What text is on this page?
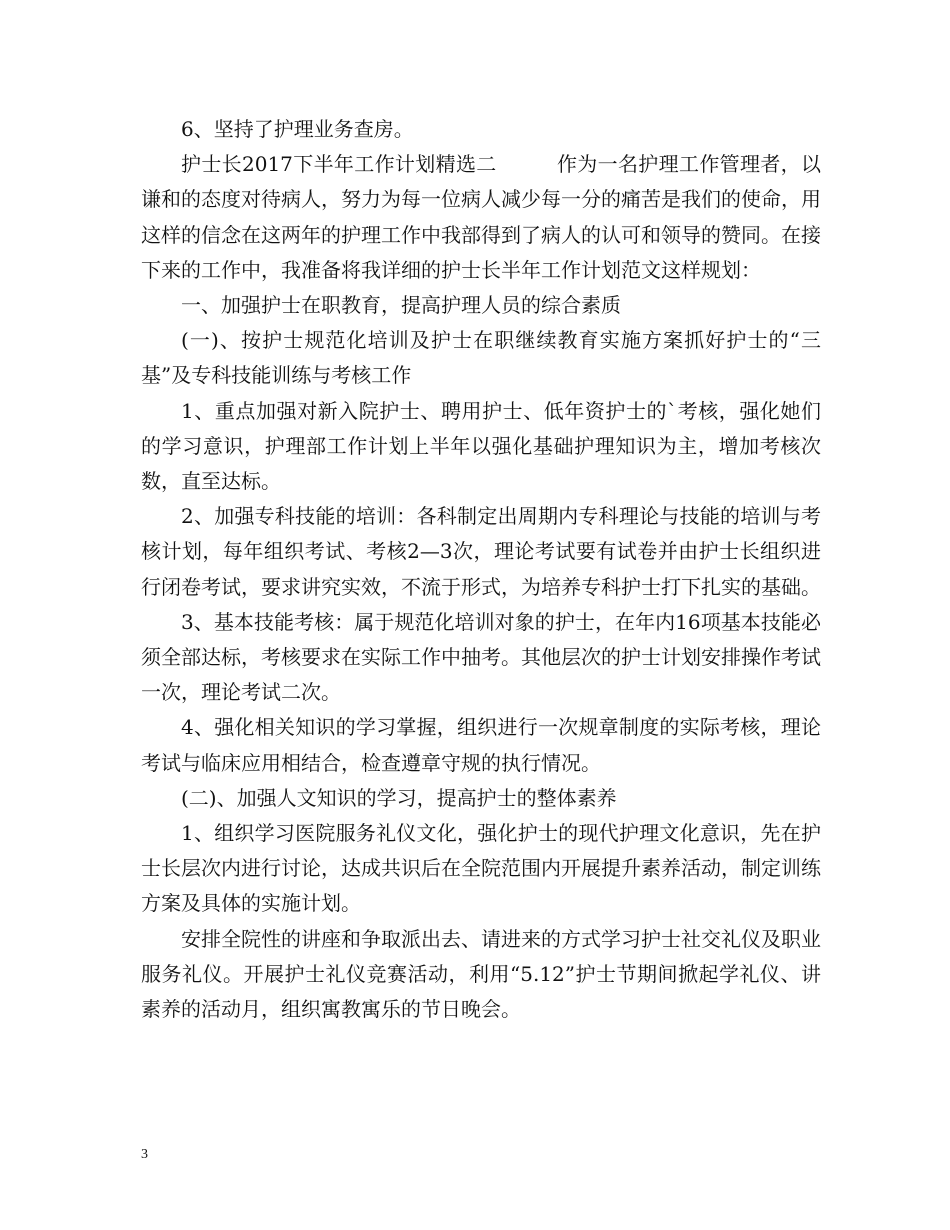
6、坚持了护理业务查房。

护士长2017下半年工作计划精选二	作为一名护理工作管理者，以谦和的态度对待病人，努力为每一位病人减少每一分的痛苦是我们的使命，用这样的信念在这两年的护理工作中我部得到了病人的认可和领导的赞同。在接下来的工作中，我准备将我详细的护士长半年工作计划范文这样规划：

一、加强护士在职教育，提高护理人员的综合素质

(一)、按护士规范化培训及护士在职继续教育实施方案抓好护士的“三基”及专科技能训练与考核工作

1、重点加强对新入院护士、聘用护士、低年资护士的`考核，强化她们的学习意识，护理部工作计划上半年以强化基础护理知识为主，增加考核次数，直至达标。

2、加强专科技能的培训：各科制定出周期内专科理论与技能的培训与考核计划，每年组织考试、考核2—3次，理论考试要有试卷并由护士长组织进行闭卷考试，要求讲究实效，不流于形式，为培养专科护士打下扎实的基础。

3、基本技能考核：属于规范化培训对象的护士，在年内16项基本技能必须全部达标，考核要求在实际工作中抽考。其他层次的护士计划安排操作考试一次，理论考试二次。

4、强化相关知识的学习掌握，组织进行一次规章制度的实际考核，理论考试与临床应用相结合，检查遵章守规的执行情况。

(二)、加强人文知识的学习，提高护士的整体素养

1、组织学习医院服务礼仪文化，强化护士的现代护理文化意识，先在护士长层次内进行讨论，达成共识后在全院范围内开展提升素养活动，制定训练方案及具体的实施计划。

安排全院性的讲座和争取派出去、请进来的方式学习护士社交礼仪及职业服务礼仪。开展护士礼仪竞赛活动，利用“5.12”护士节期间掀起学礼仪、讲素养的活动月，组织寓教寓乐的节日晚会。

3
